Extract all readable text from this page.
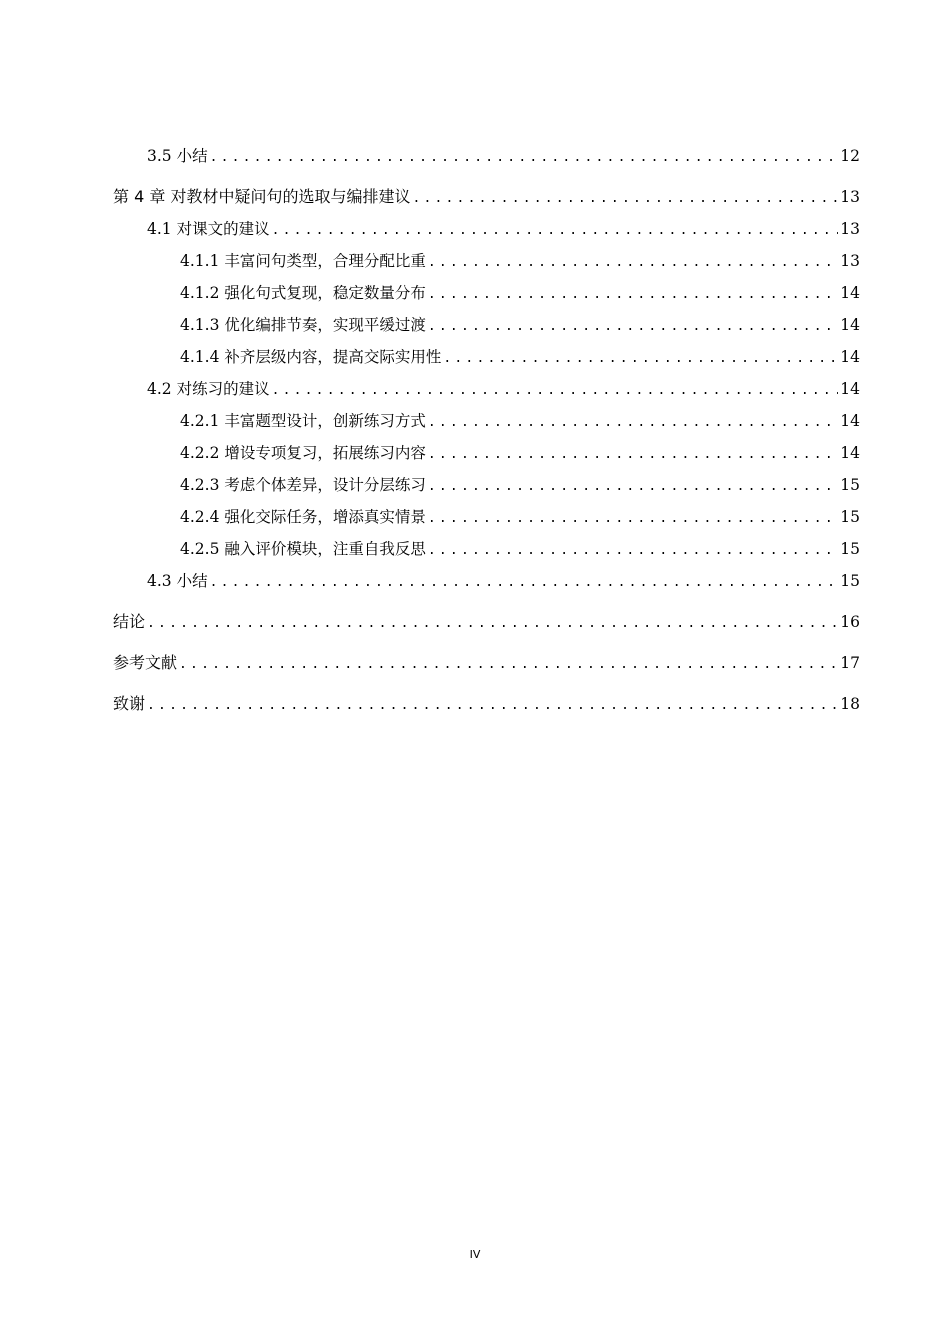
3.5 小结 .....	12
第 4 章 对教材中疑问句的选取与编排建议 .....	13
4.1 对课文的建议 .....	13
4.1.1 丰富问句类型，合理分配比重 .....	13
4.1.2 强化句式复现，稳定数量分布 .....	14
4.1.3 优化编排节奏，实现平缓过渡 .....	14
4.1.4 补齐层级内容，提高交际实用性 .....	14
4.2 对练习的建议 .....	14
4.2.1 丰富题型设计，创新练习方式 .....	14
4.2.2 增设专项复习，拓展练习内容 .....	14
4.2.3 考虑个体差异，设计分层练习 .....	15
4.2.4 强化交际任务，增添真实情景 .....	15
4.2.5 融入评价模块，注重自我反思 .....	15
4.3 小结 .....	15
结论 .....	16
参考文献 .....	17
致谢 .....	18
IV
